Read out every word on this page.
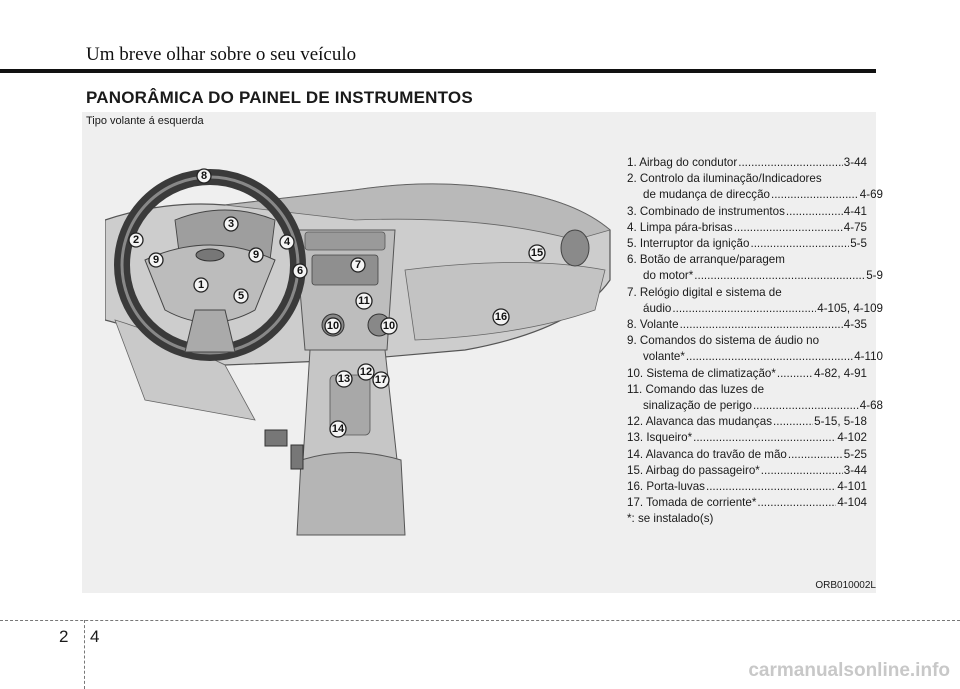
Um breve olhar sobre o seu veículo
PANORÂMICA DO PAINEL DE INSTRUMENTOS
Tipo volante á esquerda
1
2
3
4
5
6	7
8
9	9
10	10
11
12
13
14
15
16
17
1. Airbag do condutor .....	3-44
2. Controlo da iluminação/Indicadores
de mudança de direcção .....	4-69
3. Combinado de instrumentos .....	4-41
4. Limpa pára-brisas .....	4-75
5. Interruptor da ignição .....	5-5
6. Botão de arranque/paragem
do motor* .....	5-9
7. Relógio digital e sistema de
áudio .....	4-105, 4-109
8. Volante .....	4-35
9. Comandos do sistema de áudio no
volante* .....	4-110
10. Sistema de climatização* .....	4-82, 4-91
11. Comando das luzes de
sinalização de perigo .....	4-68
12. Alavanca das mudanças .....	5-15, 5-18
13. Isqueiro* .....	4-102
14. Alavanca do travão de mão .....	5-25
15. Airbag do passageiro* .....	3-44
16. Porta-luvas .....	4-101
17. Tomada de corriente* .....	4-104
*: se instalado(s)
ORB010002L
2 4
carmanualsonline.info
